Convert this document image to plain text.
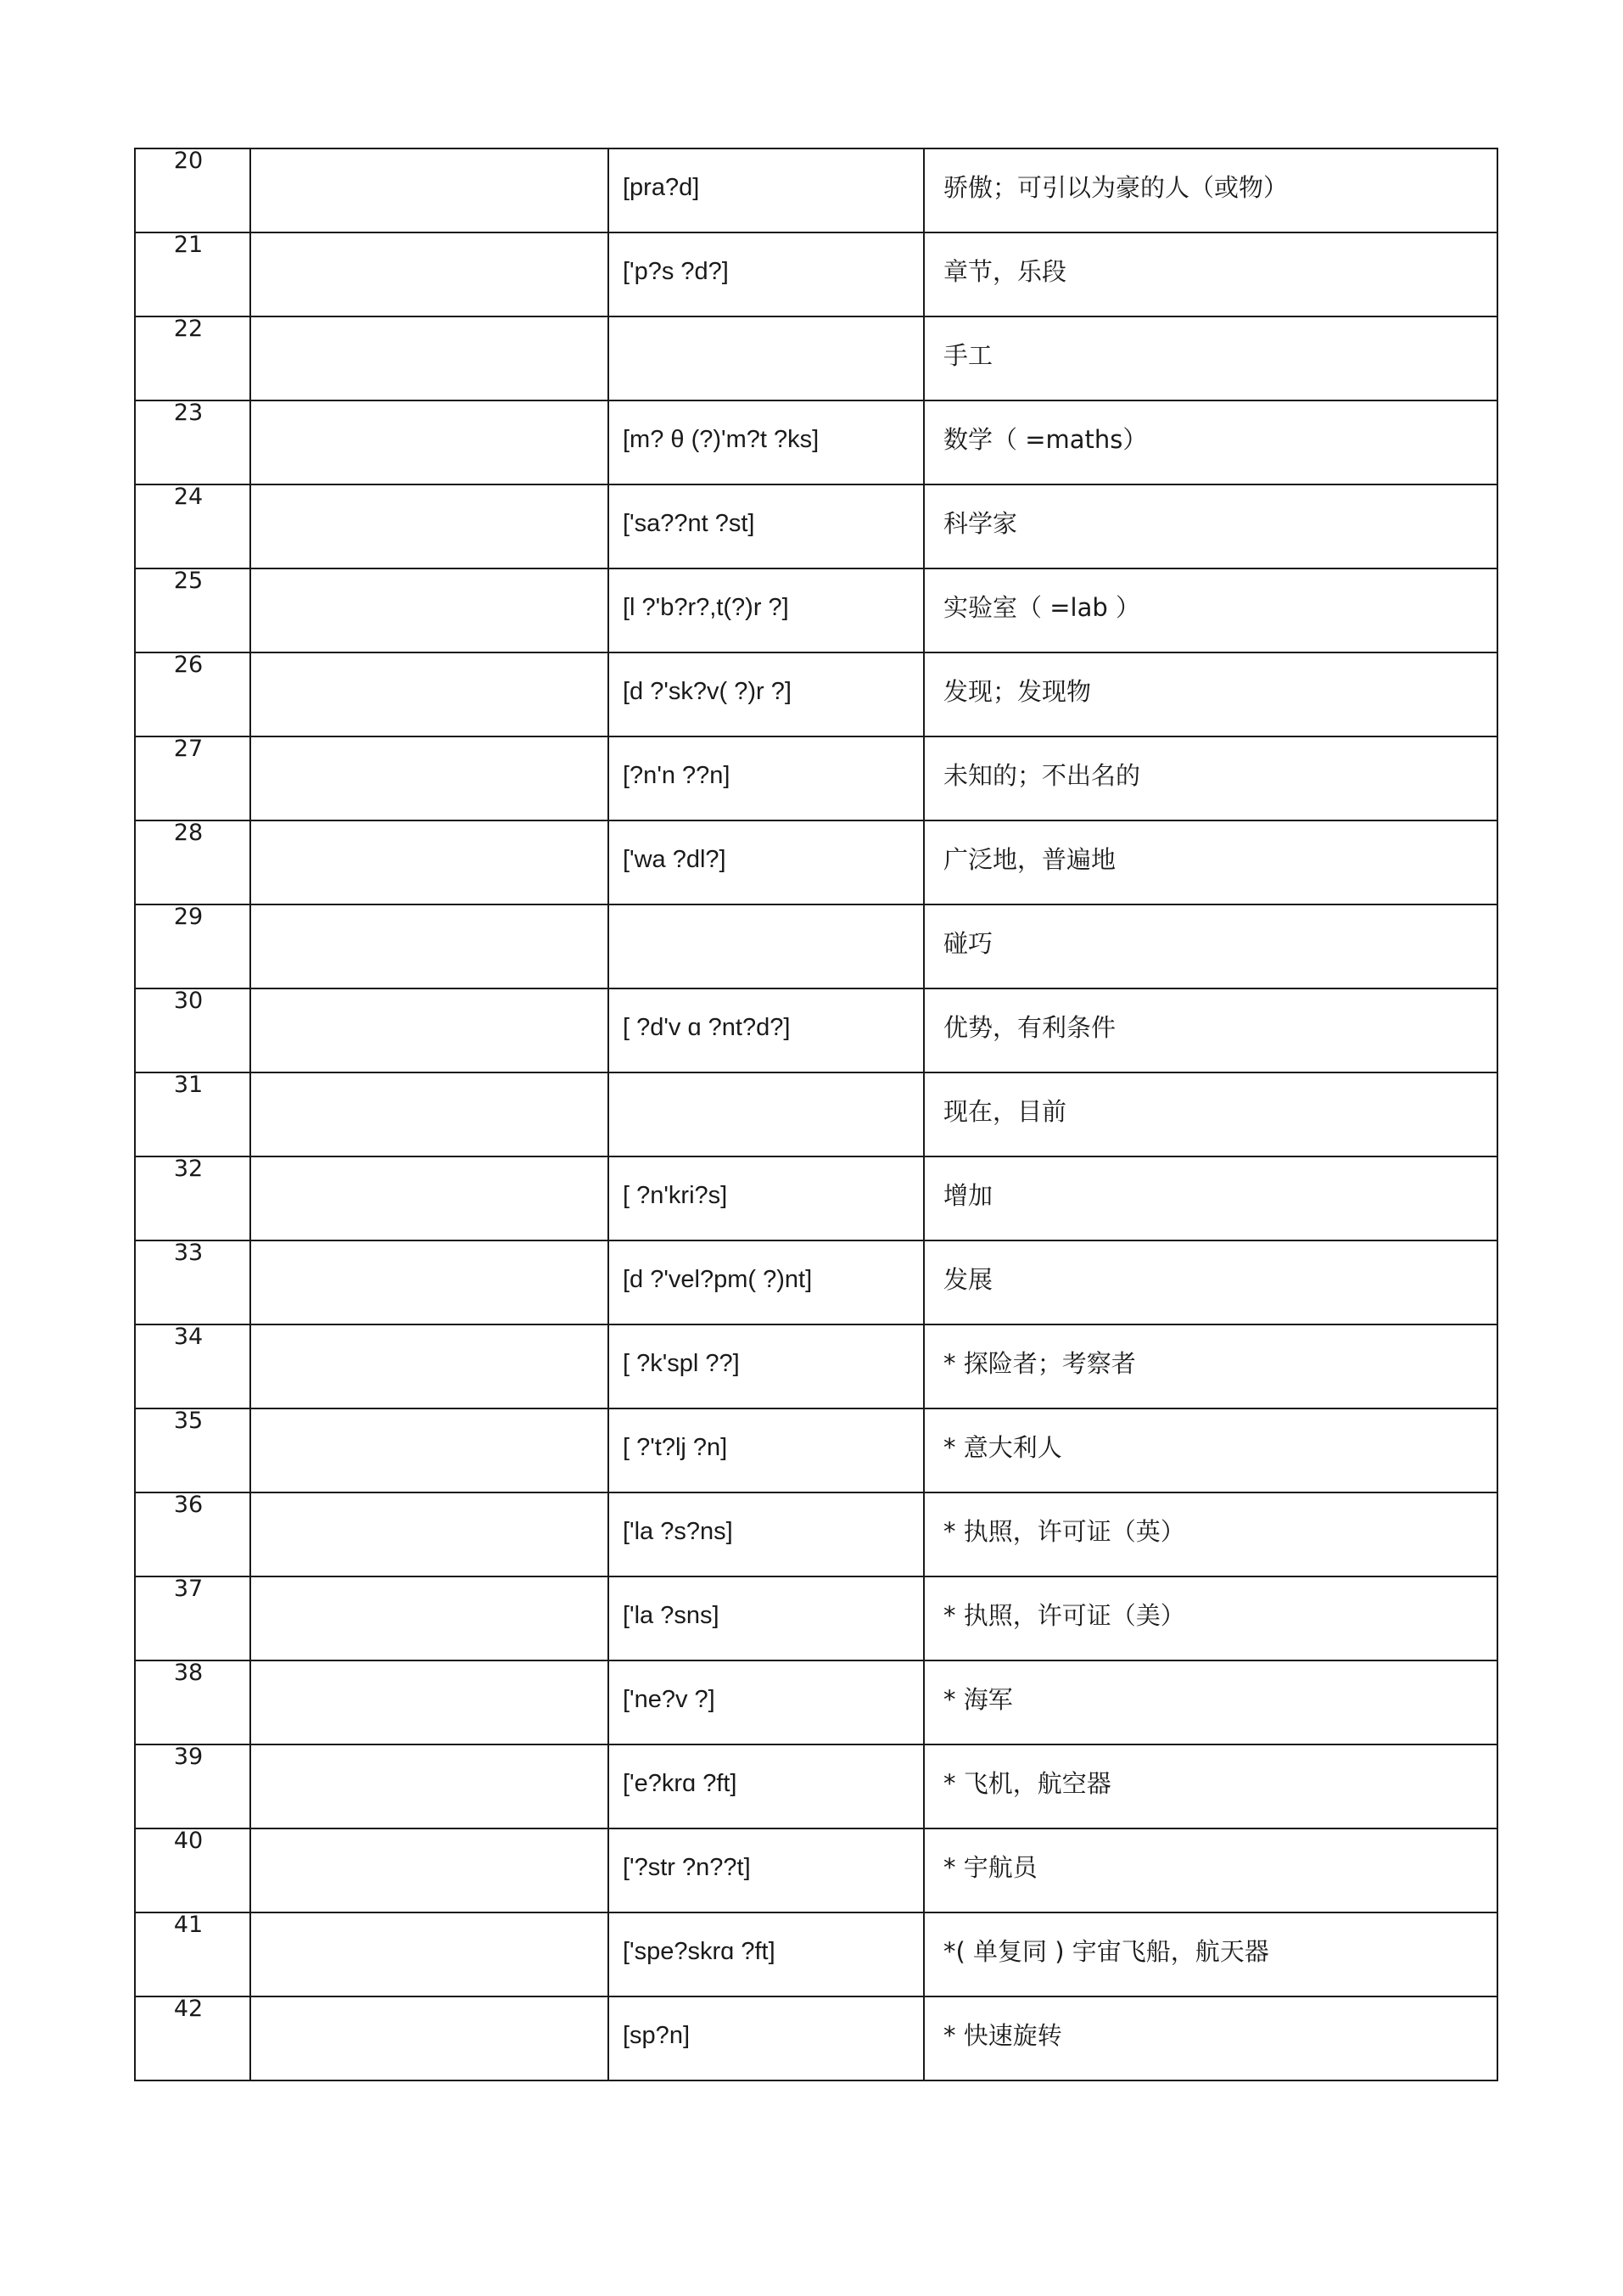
20		[pra?d]	骄傲；可引以为豪的人（或物）

21		['p?s ?d?]	章节，乐段

22			手工

23		[m? θ (?)'m?t ?ks]	数学（ =maths）

24		['sa??nt ?st]	科学家

25		[l ?'b?r?,t(?)r ?]	实验室（ =lab ）

26		[d ?'sk?v( ?)r ?]	发现；发现物

27		[?n'n ??n]	未知的；不出名的

28		['wa ?dl?]	广泛地，普遍地

29			碰巧

30		[ ?d'v ɑ ?nt?d?]	优势，有利条件

31			现在，目前

32		[ ?n'kri?s]	增加

33		[d ?'vel?pm( ?)nt]	发展

34		[ ?k'spl ??]	* 探险者；考察者

35		[ ?'t?lj ?n]	* 意大利人

36		['la ?s?ns]	* 执照，许可证（英）

37		['la ?sns]	* 执照，许可证（美）

38		['ne?v ?]	* 海军

39		['e?krɑ ?ft]	* 飞机，航空器

40		['?str ?n??t]	* 宇航员

41		['spe?skrɑ ?ft]	*( 单复同 ) 宇宙飞船，航天器

42		[sp?n]	* 快速旋转
